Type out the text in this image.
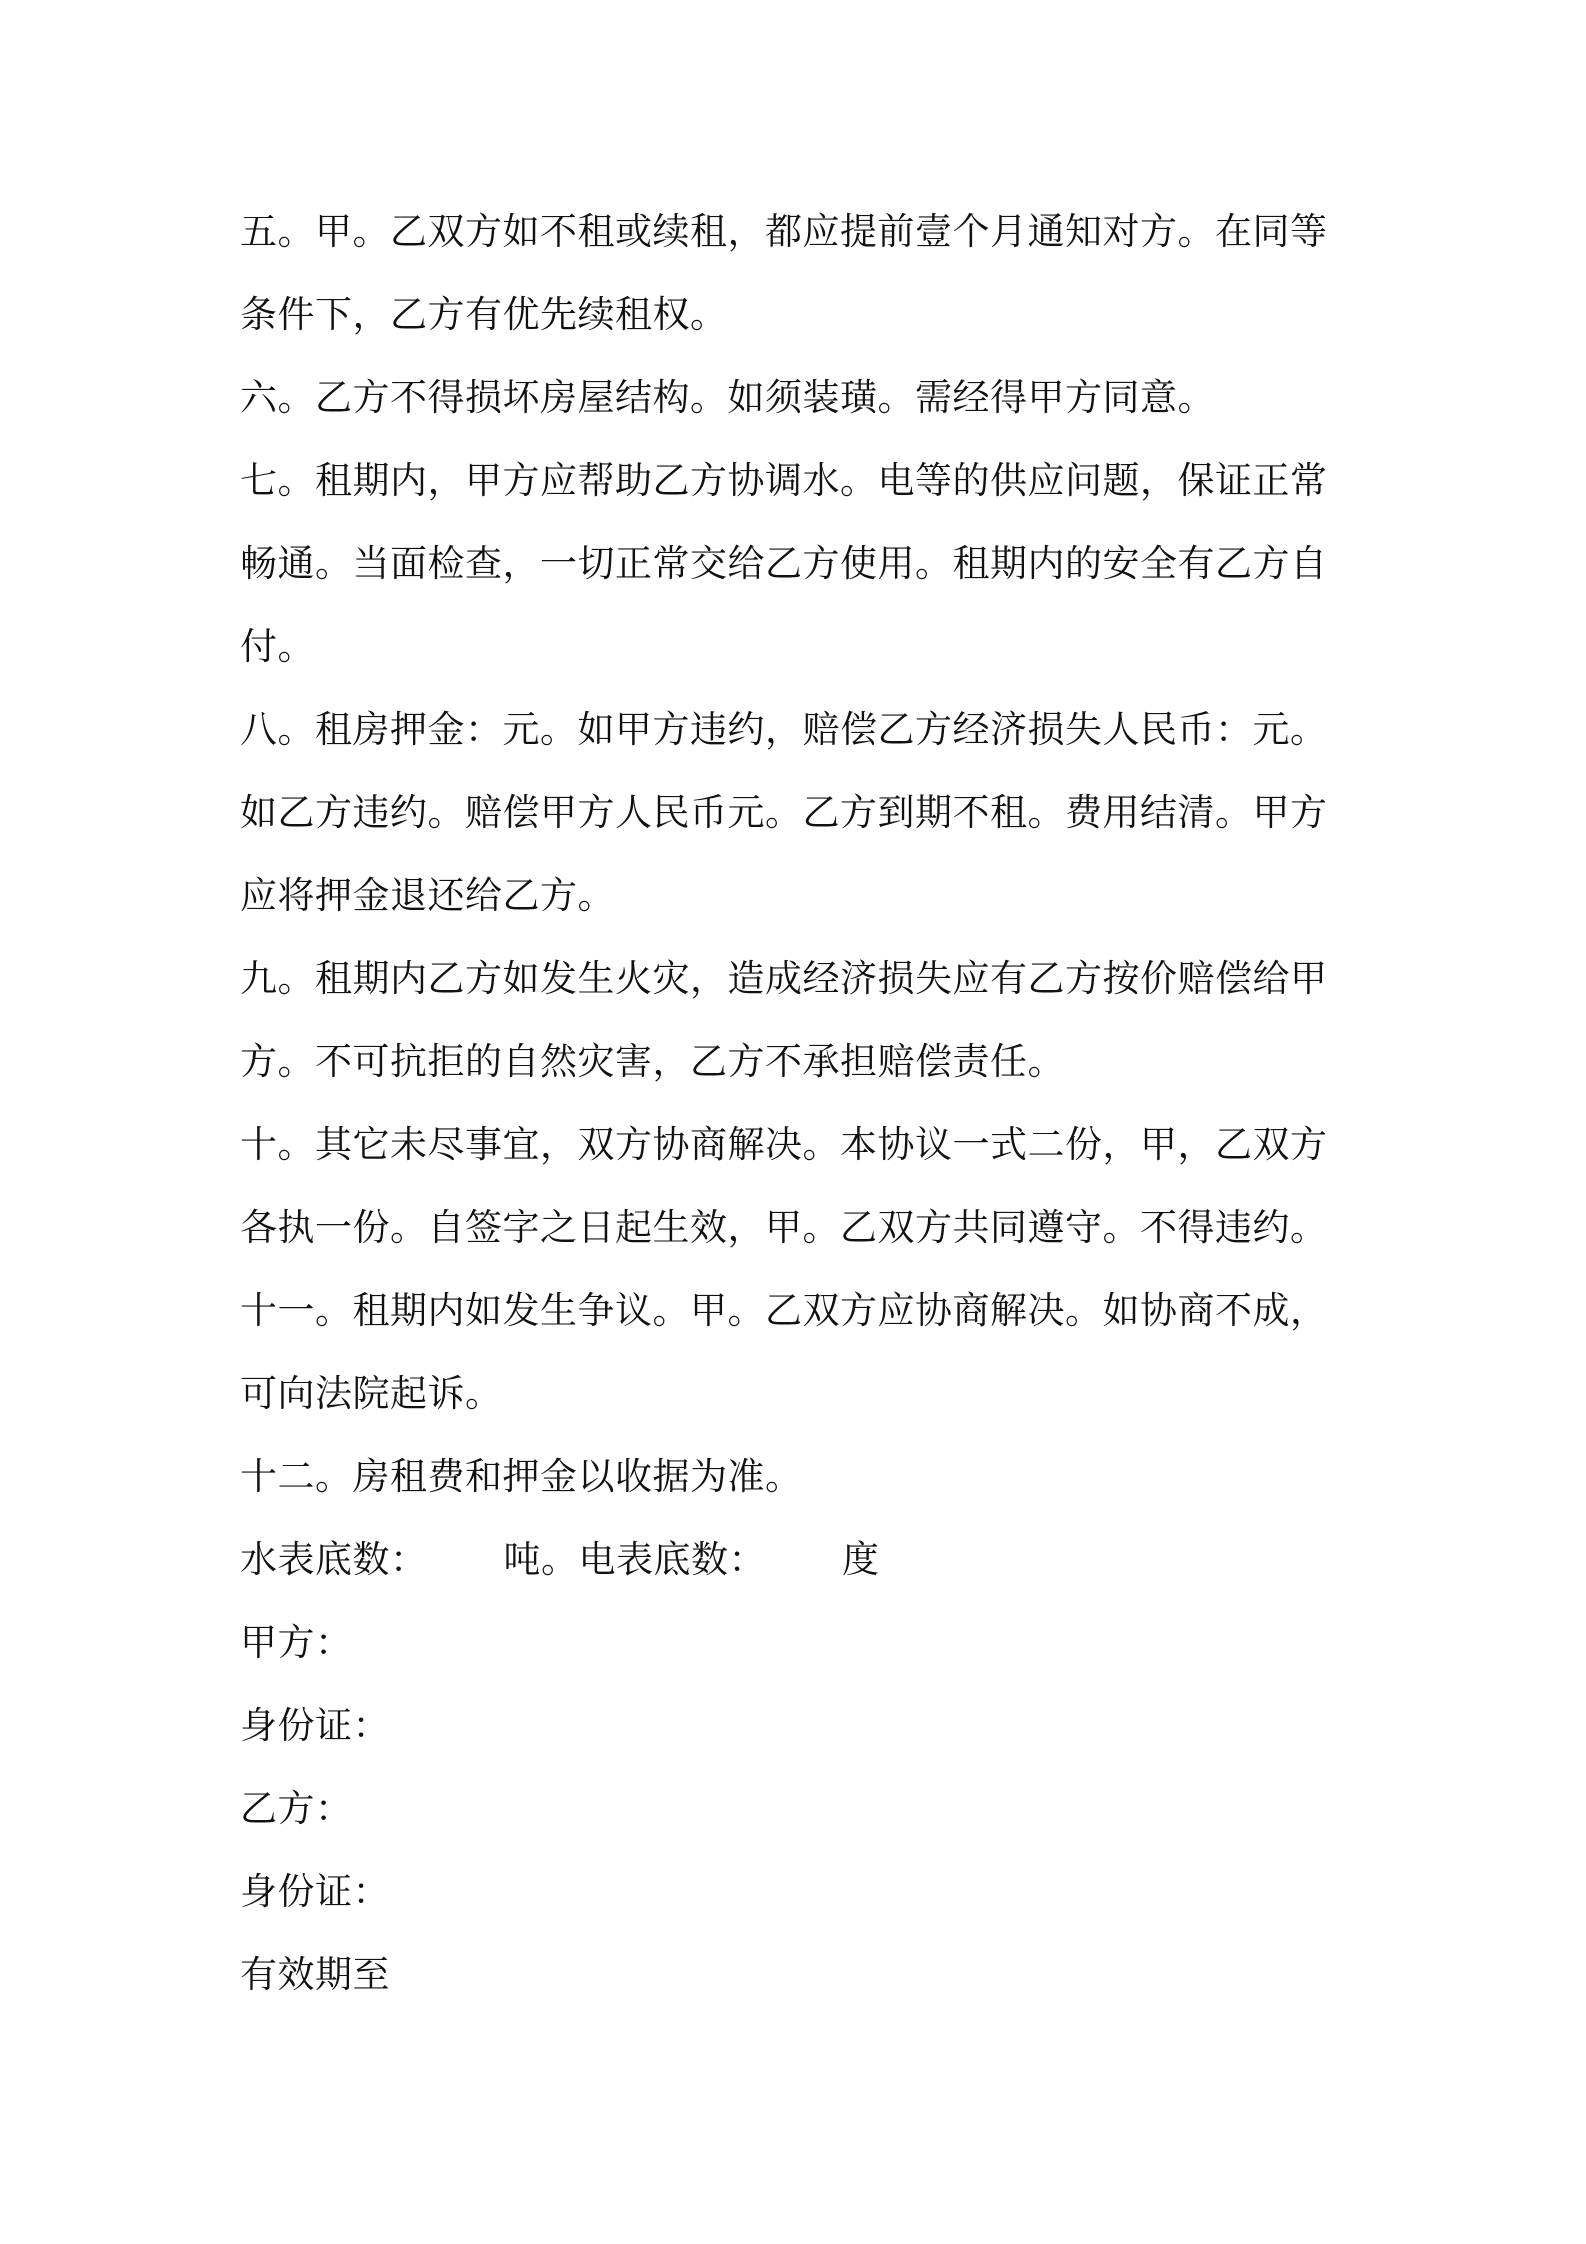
五。甲。乙双方如不租或续租，都应提前壹个月通知对方。在同等条件下，乙方有优先续租权。

六。乙方不得损坏房屋结构。如须装璜。需经得甲方同意。

七。租期内，甲方应帮助乙方协调水。电等的供应问题，保证正常畅通。当面检查，一切正常交给乙方使用。租期内的安全有乙方自付。

八。租房押金：元。如甲方违约，赔偿乙方经济损失人民币：元。如乙方违约。赔偿甲方人民币元。乙方到期不租。费用结清。甲方应将押金退还给乙方。

九。租期内乙方如发生火灾，造成经济损失应有乙方按价赔偿给甲方。不可抗拒的自然灾害，乙方不承担赔偿责任。

十。其它未尽事宜，双方协商解决。本协议一式二份，甲，乙双方各执一份。自签字之日起生效，甲。乙双方共同遵守。不得违约。

十一。租期内如发生争议。甲。乙双方应协商解决。如协商不成，可向法院起诉。

十二。房租费和押金以收据为准。

水表底数： 吨。电表底数： 度

甲方：

身份证：

乙方：

身份证：

有效期至
